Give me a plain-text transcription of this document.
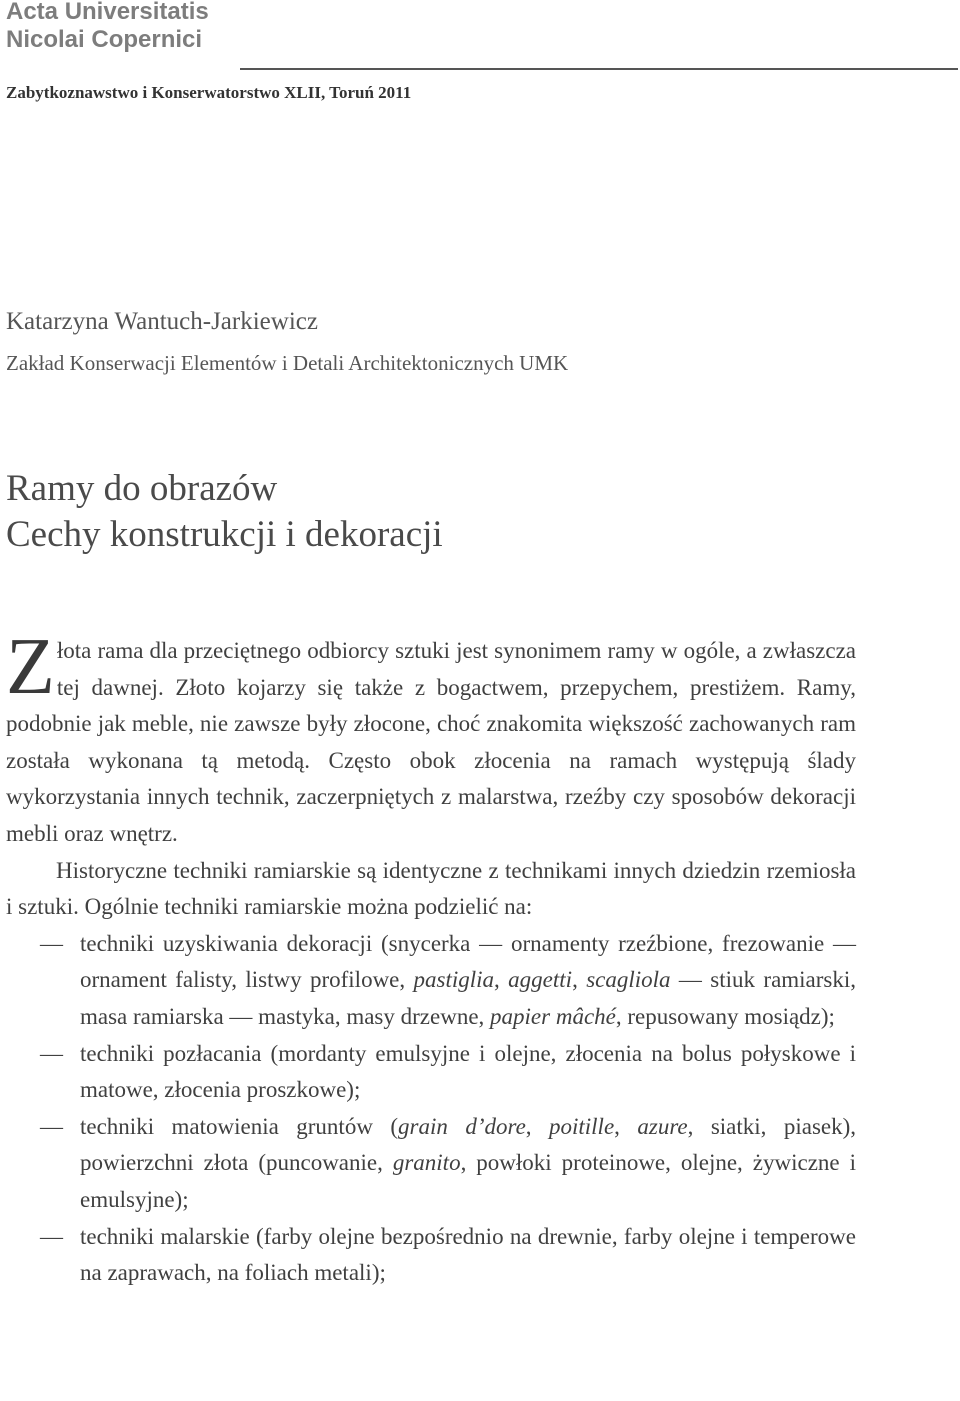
Acta Universitatis
Nicolai Copernici
Zabytkoznawstwo i Konserwatorstwo XLII, Toruń 2011
Katarzyna Wantuch-Jarkiewicz
Zakład Konserwacji Elementów i Detali Architektonicznych UMK
Ramy do obrazów
Cechy konstrukcji i dekoracji

Złota rama dla przeciętnego odbiorcy sztuki jest synonimem ramy w ogóle, a zwłaszcza tej dawnej. Złoto kojarzy się także z bogactwem, przepychem, prestiżem. Ramy, podobnie jak meble, nie zawsze były złocone, choć znakomita większość zachowanych ram została wykonana tą metodą. Często obok złocenia na ramach występują ślady wykorzystania innych technik, zaczerpniętych z malarstwa, rzeźby czy sposobów dekoracji mebli oraz wnętrz.

Historyczne techniki ramiarskie są identyczne z technikami innych dziedzin rzemiosła i sztuki. Ogólnie techniki ramiarskie można podzielić na:

— techniki uzyskiwania dekoracji (snycerka — ornamenty rzeźbione, frezowanie — ornament falisty, listwy profilowe, pastiglia, aggetti, scagliola — stiuk ramiarski, masa ramiarska — mastyka, masy drzewne, papier mâché, repusowany mosiądz);
— techniki pozłacania (mordanty emulsyjne i olejne, złocenia na bolus połyskowe i matowe, złocenia proszkowe);
— techniki matowienia gruntów (grain d’dore, poitille, azure, siatki, piasek), powierzchni złota (puncowanie, granito, powłoki proteinowe, olejne, żywiczne i emulsyjne);
— techniki malarskie (farby olejne bezpośrednio na drewnie, farby olejne i temperowe na zaprawach, na foliach metali);
